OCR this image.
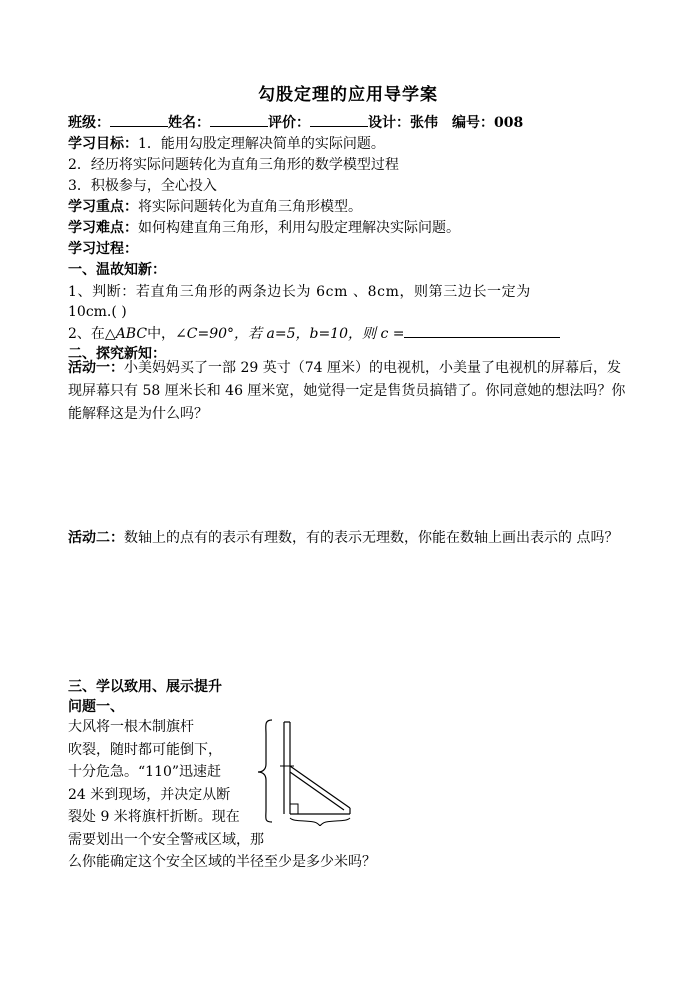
勾股定理的应用导学案
班级：	姓名：	评价：	设计：张伟 编号：008
学习目标：1．能用勾股定理解决简单的实际问题。
2．经历将实际问题转化为直角三角形的数学模型过程
3．积极参与，全心投入
学习重点：将实际问题转化为直角三角形模型。
学习难点：如何构建直角三角形，利用勾股定理解决实际问题。
学习过程：
一、温故知新：
1、判断：若直角三角形的两条边长为 6cm 、8cm，则第三边长一定为
10cm.( )
2、在△ABC中，∠C=90°，若 a=5，b=10，则 c =
二、探究新知：
活动一：小美妈妈买了一部 29 英寸（74 厘米）的电视机，小美量了电视机的屏幕后，发现屏幕只有 58 厘米长和 46 厘米宽，她觉得一定是售货员搞错了。你同意她的想法吗？你能解释这是为什么吗？
活动二：数轴上的点有的表示有理数，有的表示无理数，你能在数轴上画出表示的 点吗？
三、学以致用、展示提升
问题一、
大风将一根木制旗杆
吹裂，随时都可能倒下，
十分危急。“110”迅速赶
24 米到现场，并决定从断
裂处 9 米将旗杆折断。现在
需要划出一个安全警戒区域，那
么你能确定这个安全区域的半径至少是多少米吗？
